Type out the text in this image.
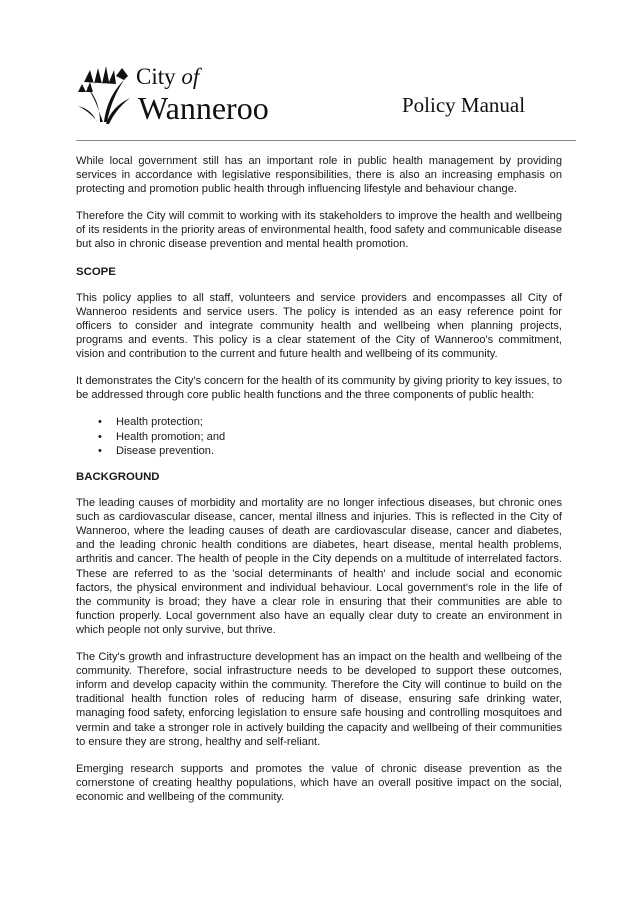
City of
Wanneroo	Policy Manual

While local government still has an important role in public health management by providing services in accordance with legislative responsibilities, there is also an increasing emphasis on protecting and promotion public health through influencing lifestyle and behaviour change.

Therefore the City will commit to working with its stakeholders to improve the health and wellbeing of its residents in the priority areas of environmental health, food safety and communicable disease but also in chronic disease prevention and mental health promotion.

SCOPE

This policy applies to all staff, volunteers and service providers and encompasses all City of Wanneroo residents and service users. The policy is intended as an easy reference point for officers to consider and integrate community health and wellbeing when planning projects, programs and events. This policy is a clear statement of the City of Wanneroo's commitment, vision and contribution to the current and future health and wellbeing of its community.

It demonstrates the City's concern for the health of its community by giving priority to key issues, to be addressed through core public health functions and the three components of public health:

• Health protection;
• Health promotion; and
• Disease prevention.
BACKGROUND

The leading causes of morbidity and mortality are no longer infectious diseases, but chronic ones such as cardiovascular disease, cancer, mental illness and injuries. This is reflected in the City of Wanneroo, where the leading causes of death are cardiovascular disease, cancer and diabetes, and the leading chronic health conditions are diabetes, heart disease, mental health problems, arthritis and cancer. The health of people in the City depends on a multitude of interrelated factors. These are referred to as the 'social determinants of health' and include social and economic factors, the physical environment and individual behaviour. Local government's role in the life of the community is broad; they have a clear role in ensuring that their communities are able to function properly. Local government also have an equally clear duty to create an environment in which people not only survive, but thrive.

The City's growth and infrastructure development has an impact on the health and wellbeing of the community. Therefore, social infrastructure needs to be developed to support these outcomes, inform and develop capacity within the community. Therefore the City will continue to build on the traditional health function roles of reducing harm of disease, ensuring safe drinking water, managing food safety, enforcing legislation to ensure safe housing and controlling mosquitoes and vermin and take a stronger role in actively building the capacity and wellbeing of their communities to ensure they are strong, healthy and self-reliant.

Emerging research supports and promotes the value of chronic disease prevention as the cornerstone of creating healthy populations, which have an overall positive impact on the social, economic and wellbeing of the community.
